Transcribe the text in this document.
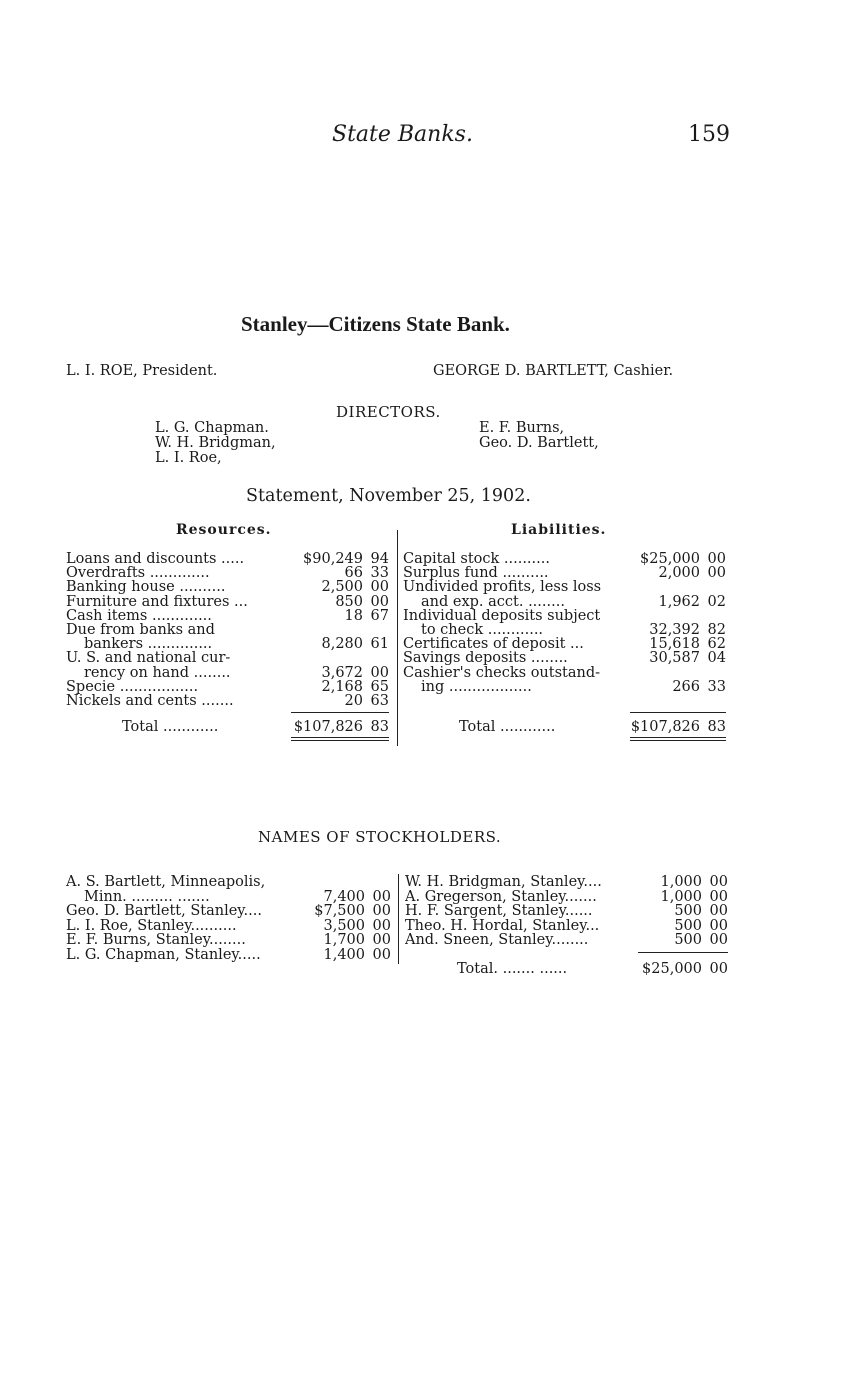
State Banks.	159
Stanley—Citizens State Bank.
L. I. ROE, President.	GEORGE D. BARTLETT, Cashier.
DIRECTORS.
L. G. Chapman.
W. H. Bridgman,
L. I. Roe,
E. F. Burns,
Geo. D. Bartlett,
Statement, November 25, 1902.
Resources.	Liabilities.
Loans and discounts .....	$90,249 94
Overdrafts .............	66 33
Banking house ..........	2,500 00
Furniture and fixtures ...	850 00
Cash items .............	18 67
Due from banks and
bankers ..............	8,280 61
U. S. and national cur-
rency on hand ........	3,672 00
Specie .................	2,168 65
Nickels and cents .......	20 63
Total ............	$107,826 83
Capital stock ..........	$25,000 00
Surplus fund ..........	2,000 00
Undivided profits, less loss
and exp. acct. ........	1,962 02
Individual deposits subject
to check ............	32,392 82
Certificates of deposit ...	15,618 62
Savings deposits ........	30,587 04
Cashier's checks outstand-
ing ..................	266 33
Total ............	$107,826 83
NAMES OF STOCKHOLDERS.
A. S. Bartlett, Minneapolis,
Minn. ......... .......	7,400 00
Geo. D. Bartlett, Stanley....	$7,500 00
L. I. Roe, Stanley..........	3,500 00
E. F. Burns, Stanley........	1,700 00
L. G. Chapman, Stanley.....	1,400 00
W. H. Bridgman, Stanley....	1,000 00
A. Gregerson, Stanley.......	1,000 00
H. F. Sargent, Stanley......	500 00
Theo. H. Hordal, Stanley...	500 00
And. Sneen, Stanley........	500 00
Total. ....... ......	$25,000 00
